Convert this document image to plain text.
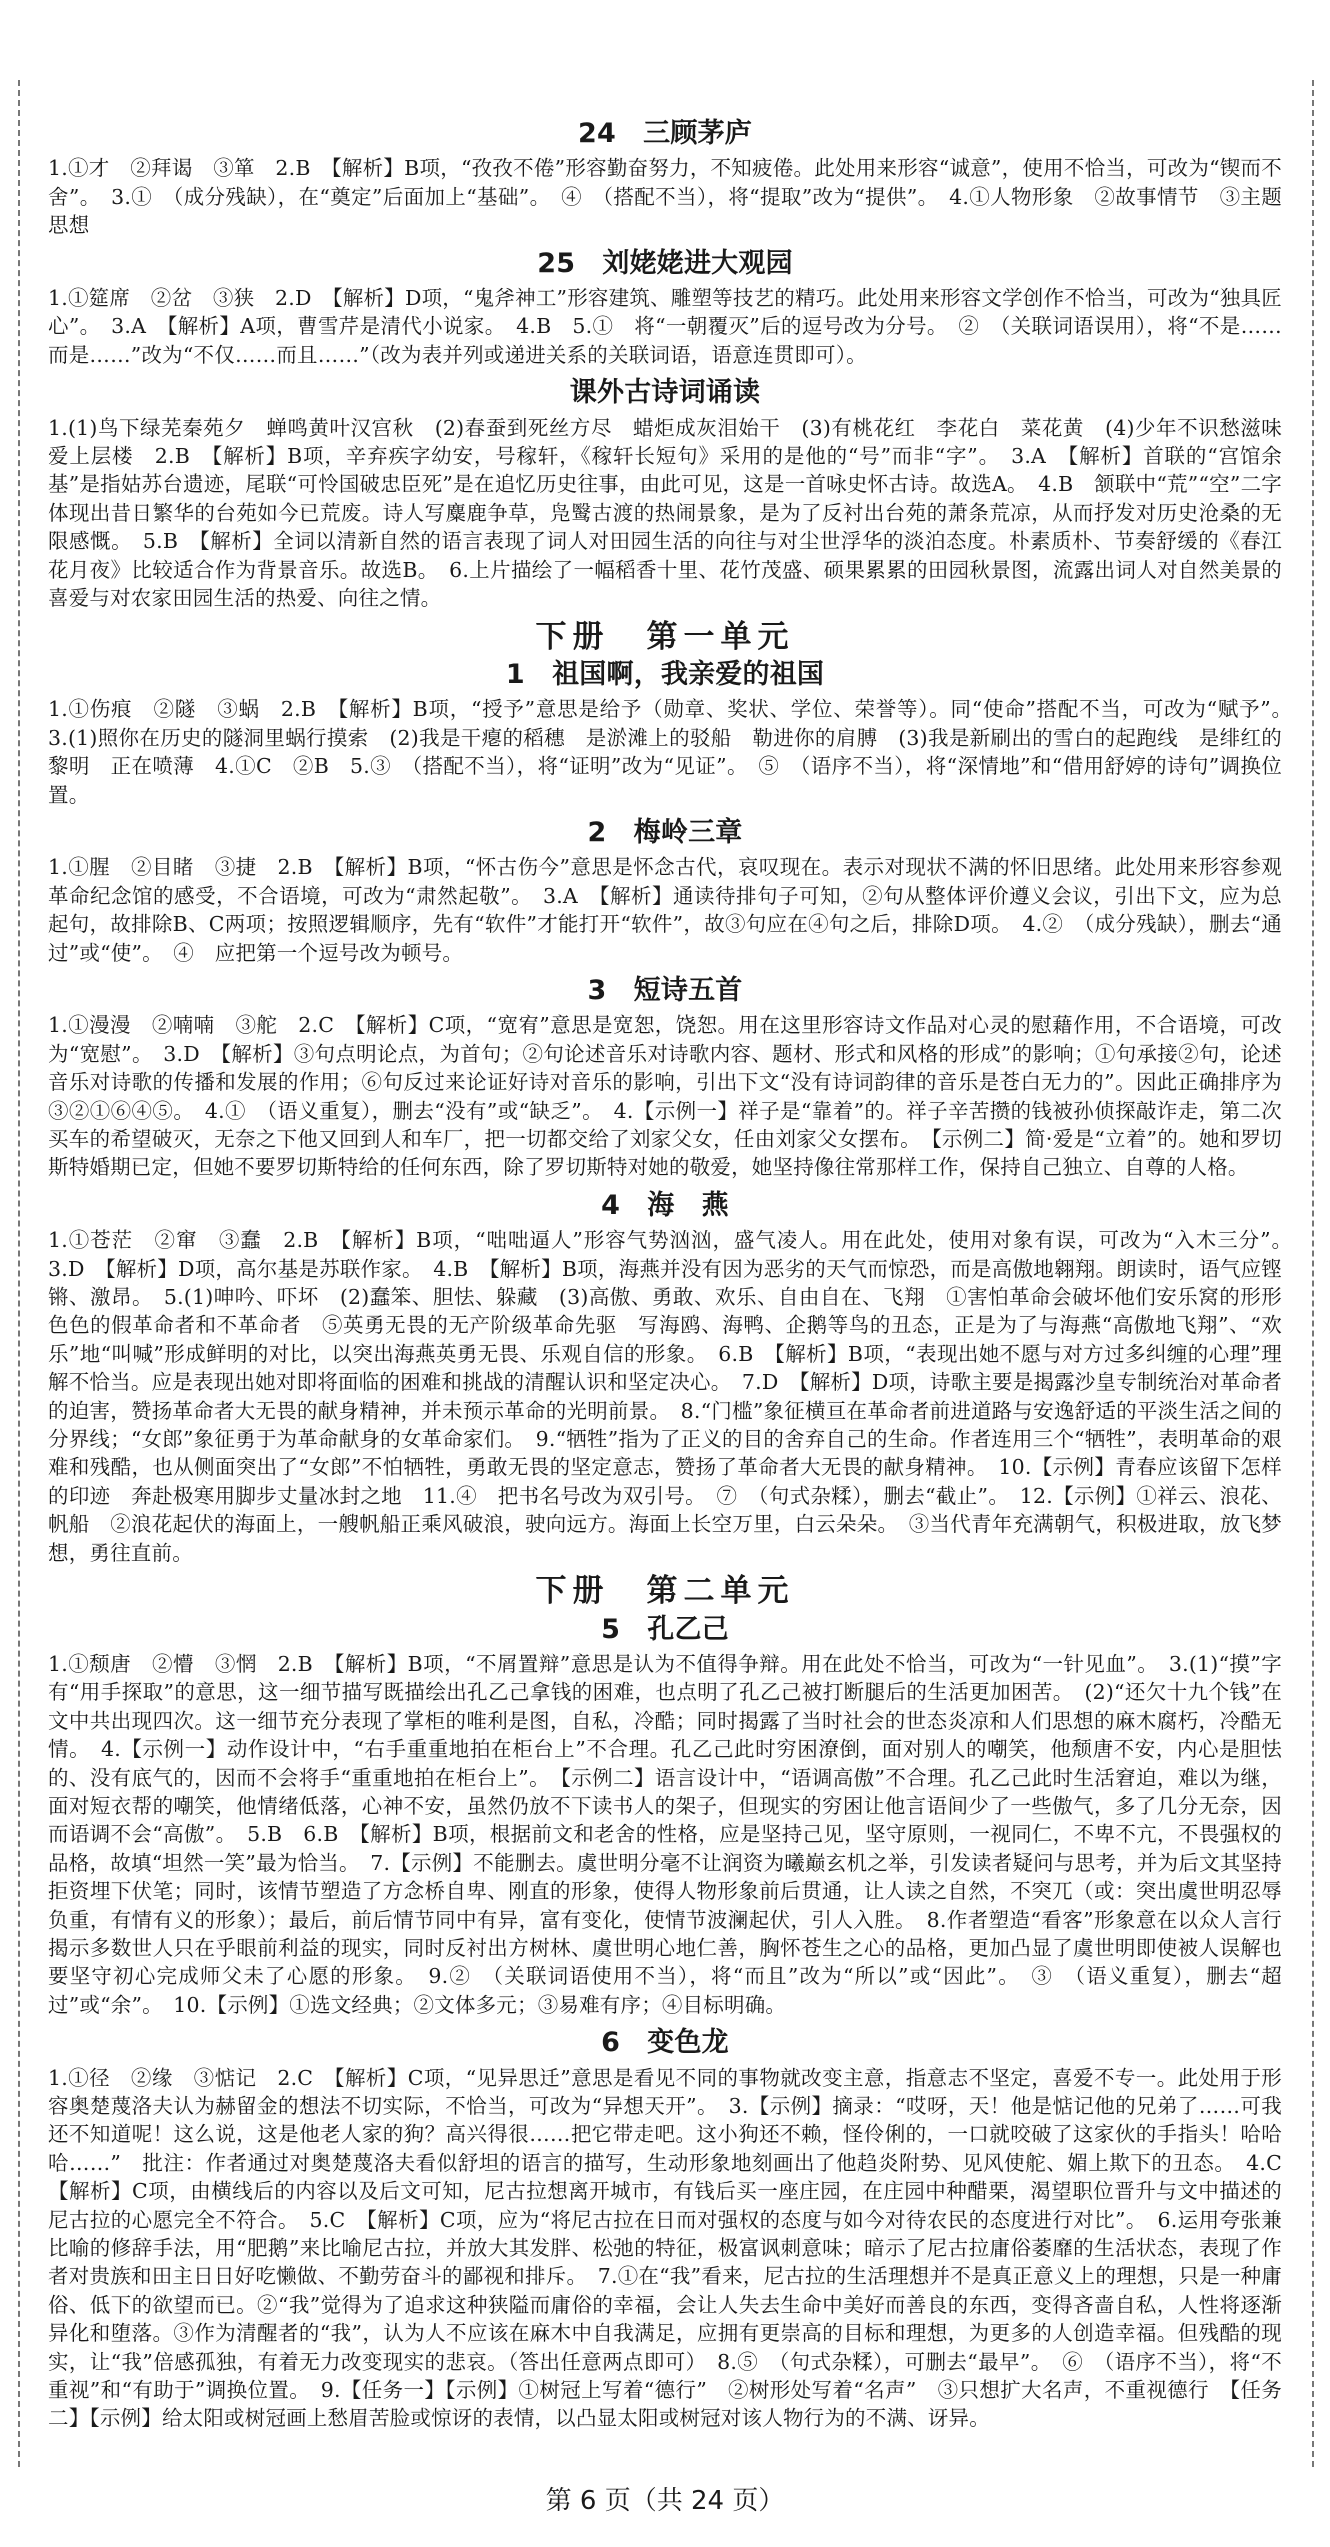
24　三顾茅庐

1.①才　②拜谒　③箪　2.B　【解析】B项，“孜孜不倦”形容勤奋努力，不知疲倦。此处用来形容“诚意”，使用不恰当，可改为“锲而不舍”。　3.①　（成分残缺），在“奠定”后面加上“基础”。　④　（搭配不当），将“提取”改为“提供”。　4.①人物形象　②故事情节　③主题思想

25　刘姥姥进大观园

1.①筵席　②岔　③狭　2.D　【解析】D项，“鬼斧神工”形容建筑、雕塑等技艺的精巧。此处用来形容文学创作不恰当，可改为“独具匠心”。　3.A　【解析】A项，曹雪芹是清代小说家。　4.B　5.①　将“一朝覆灭”后的逗号改为分号。　②　（关联词语误用），将“不是……而是……”改为“不仅……而且……”（改为表并列或递进关系的关联词语，语意连贯即可）。

课外古诗词诵读

1.(1)鸟下绿芜秦苑夕　蝉鸣黄叶汉宫秋　(2)春蚕到死丝方尽　蜡炬成灰泪始干　(3)有桃花红　李花白　菜花黄　(4)少年不识愁滋味　爱上层楼　2.B　【解析】B项，辛弃疾字幼安，号稼轩，《稼轩长短句》采用的是他的“号”而非“字”。　3.A　【解析】首联的“宫馆余基”是指姑苏台遗迹，尾联“可怜国破忠臣死”是在追忆历史往事，由此可见，这是一首咏史怀古诗。故选A。　4.B　颔联中“荒”“空”二字体现出昔日繁华的台苑如今已荒废。诗人写麋鹿争草，凫鹥古渡的热闹景象，是为了反衬出台苑的萧条荒凉，从而抒发对历史沧桑的无限感慨。　5.B　【解析】全词以清新自然的语言表现了词人对田园生活的向往与对尘世浮华的淡泊态度。朴素质朴、节奏舒缓的《春江花月夜》比较适合作为背景音乐。故选B。　6.上片描绘了一幅稻香十里、花竹茂盛、硕果累累的田园秋景图，流露出词人对自然美景的喜爱与对农家田园生活的热爱、向往之情。

下册　第一单元
1　祖国啊，我亲爱的祖国

1.①伤痕　②隧　③蜗　2.B　【解析】B项，“授予”意思是给予（勋章、奖状、学位、荣誉等）。同“使命”搭配不当，可改为“赋予”。　3.(1)照你在历史的隧洞里蜗行摸索　(2)我是干瘪的稻穗　是淤滩上的驳船　勒进你的肩膊　(3)我是新刷出的雪白的起跑线　是绯红的黎明　正在喷薄　4.①C　②B　5.③　（搭配不当），将“证明”改为“见证”。　⑤　（语序不当），将“深情地”和“借用舒婷的诗句”调换位置。

2　梅岭三章

1.①腥　②目睹　③捷　2.B　【解析】B项，“怀古伤今”意思是怀念古代，哀叹现在。表示对现状不满的怀旧思绪。此处用来形容参观革命纪念馆的感受，不合语境，可改为“肃然起敬”。　3.A　【解析】通读待排句子可知，②句从整体评价遵义会议，引出下文，应为总起句，故排除B、C两项；按照逻辑顺序，先有“软件”才能打开“软件”，故③句应在④句之后，排除D项。　4.②　（成分残缺），删去“通过”或“使”。　④　应把第一个逗号改为顿号。

3　短诗五首

1.①漫漫　②喃喃　③舵　2.C　【解析】C项，“宽宥”意思是宽恕，饶恕。用在这里形容诗文作品对心灵的慰藉作用，不合语境，可改为“宽慰”。　3.D　【解析】③句点明论点，为首句；②句论述音乐对诗歌内容、题材、形式和风格的形成”的影响；①句承接②句，论述音乐对诗歌的传播和发展的作用；⑥句反过来论证好诗对音乐的影响，引出下文“没有诗词韵律的音乐是苍白无力的”。因此正确排序为③②①⑥④⑤。　4.①　（语义重复），删去“没有”或“缺乏”。　4.【示例一】祥子是“靠着”的。祥子辛苦攒的钱被孙侦探敲诈走，第二次买车的希望破灭，无奈之下他又回到人和车厂，把一切都交给了刘家父女，任由刘家父女摆布。　【示例二】简·爱是“立着”的。她和罗切斯特婚期已定，但她不要罗切斯特给的任何东西，除了罗切斯特对她的敬爱，她坚持像往常那样工作，保持自己独立、自尊的人格。

4　海　燕

1.①苍茫　②窜　③蠢　2.B　【解析】B项，“咄咄逼人”形容气势汹汹，盛气凌人。用在此处，使用对象有误，可改为“入木三分”。　3.D　【解析】D项，高尔基是苏联作家。　4.B　【解析】B项，海燕并没有因为恶劣的天气而惊恐，而是高傲地翱翔。朗读时，语气应铿锵、激昂。　5.(1)呻吟、吓坏　(2)蠢笨、胆怯、躲藏　(3)高傲、勇敢、欢乐、自由自在、飞翔　①害怕革命会破坏他们安乐窝的形形色色的假革命者和不革命者　⑤英勇无畏的无产阶级革命先驱　写海鸥、海鸭、企鹅等鸟的丑态，正是为了与海燕“高傲地飞翔”、“欢乐”地“叫喊”形成鲜明的对比，以突出海燕英勇无畏、乐观自信的形象。　6.B　【解析】B项，“表现出她不愿与对方过多纠缠的心理”理解不恰当。应是表现出她对即将面临的困难和挑战的清醒认识和坚定决心。　7.D　【解析】D项，诗歌主要是揭露沙皇专制统治对革命者的迫害，赞扬革命者大无畏的献身精神，并未预示革命的光明前景。　8.“门槛”象征横亘在革命者前进道路与安逸舒适的平淡生活之间的分界线；“女郎”象征勇于为革命献身的女革命家们。　9.“牺牲”指为了正义的目的舍弃自己的生命。作者连用三个“牺牲”，表明革命的艰难和残酷，也从侧面突出了“女郎”不怕牺牲，勇敢无畏的坚定意志，赞扬了革命者大无畏的献身精神。　10.【示例】青春应该留下怎样的印迹　奔赴极寒用脚步丈量冰封之地　11.④　把书名号改为双引号。　⑦　（句式杂糅），删去“截止”。　12.【示例】①祥云、浪花、帆船　②浪花起伏的海面上，一艘帆船正乘风破浪，驶向远方。海面上长空万里，白云朵朵。　③当代青年充满朝气，积极进取，放飞梦想，勇往直前。

下册　第二单元
5　孔乙己

1.①颓唐　②懵　③惘　2.B　【解析】B项，“不屑置辩”意思是认为不值得争辩。用在此处不恰当，可改为“一针见血”。　3.(1)“摸”字有“用手探取”的意思，这一细节描写既描绘出孔乙己拿钱的困难，也点明了孔乙己被打断腿后的生活更加困苦。　(2)“还欠十九个钱”在文中共出现四次。这一细节充分表现了掌柜的唯利是图，自私，冷酷；同时揭露了当时社会的世态炎凉和人们思想的麻木腐朽，冷酷无情。　4.【示例一】动作设计中，“右手重重地拍在柜台上”不合理。孔乙己此时穷困潦倒，面对别人的嘲笑，他颓唐不安，内心是胆怯的、没有底气的，因而不会将手“重重地拍在柜台上”。　【示例二】语言设计中，“语调高傲”不合理。孔乙己此时生活窘迫，难以为继，面对短衣帮的嘲笑，他情绪低落，心神不安，虽然仍放不下读书人的架子，但现实的穷困让他言语间少了一些傲气，多了几分无奈，因而语调不会“高傲”。　5.B　6.B　【解析】B项，根据前文和老舍的性格，应是坚持己见，坚守原则，一视同仁，不卑不亢，不畏强权的品格，故填“坦然一笑”最为恰当。　7.【示例】不能删去。虞世明分毫不让润资为曦巅玄机之举，引发读者疑问与思考，并为后文其坚持拒资埋下伏笔；同时，该情节塑造了方念桥自卑、刚直的形象，使得人物形象前后贯通，让人读之自然，不突兀（或：突出虞世明忍辱负重，有情有义的形象）；最后，前后情节同中有异，富有变化，使情节波澜起伏，引人入胜。　8.作者塑造“看客”形象意在以众人言行揭示多数世人只在乎眼前利益的现实，同时反衬出方树林、虞世明心地仁善，胸怀苍生之心的品格，更加凸显了虞世明即使被人误解也要坚守初心完成师父未了心愿的形象。　9.②　（关联词语使用不当），将“而且”改为“所以”或“因此”。　③　（语义重复），删去“超过”或“余”。　10.【示例】①选文经典；②文体多元；③易难有序；④目标明确。

6　变色龙

1.①径　②缘　③惦记　2.C　【解析】C项，“见异思迁”意思是看见不同的事物就改变主意，指意志不坚定，喜爱不专一。此处用于形容奥楚蔑洛夫认为赫留金的想法不切实际，不恰当，可改为“异想天开”。　3.【示例】摘录：“哎呀，天！他是惦记他的兄弟了……可我还不知道呢！这么说，这是他老人家的狗？高兴得很……把它带走吧。这小狗还不赖，怪伶俐的，一口就咬破了这家伙的手指头！哈哈哈……”　批注：作者通过对奥楚蔑洛夫看似舒坦的语言的描写，生动形象地刻画出了他趋炎附势、见风使舵、媚上欺下的丑态。　4.C　【解析】C项，由横线后的内容以及后文可知，尼古拉想离开城市，有钱后买一座庄园，在庄园中种醋栗，渴望职位晋升与文中描述的尼古拉的心愿完全不符合。　5.C　【解析】C项，应为“将尼古拉在日而对强权的态度与如今对待农民的态度进行对比”。　6.运用夸张兼比喻的修辞手法，用“肥鹅”来比喻尼古拉，并放大其发胖、松弛的特征，极富讽刺意味；暗示了尼古拉庸俗萎靡的生活状态，表现了作者对贵族和田主日日好吃懒做、不勤劳奋斗的鄙视和排斥。　7.①在“我”看来，尼古拉的生活理想并不是真正意义上的理想，只是一种庸俗、低下的欲望而已。②“我”觉得为了追求这种狭隘而庸俗的幸福，会让人失去生命中美好而善良的东西，变得吝啬自私，人性将逐渐异化和堕落。③作为清醒者的“我”，认为人不应该在麻木中自我满足，应拥有更崇高的目标和理想，为更多的人创造幸福。但残酷的现实，让“我”倍感孤独，有着无力改变现实的悲哀。（答出任意两点即可）　8.⑤　（句式杂糅），可删去“最早”。　⑥　（语序不当），将“不重视”和“有助于”调换位置。　9.【任务一】【示例】①树冠上写着“德行”　②树形处写着“名声”　③只想扩大名声，不重视德行　【任务二】【示例】给太阳或树冠画上愁眉苦脸或惊讶的表情，以凸显太阳或树冠对该人物行为的不满、讶异。

第 6 页（共 24 页）
